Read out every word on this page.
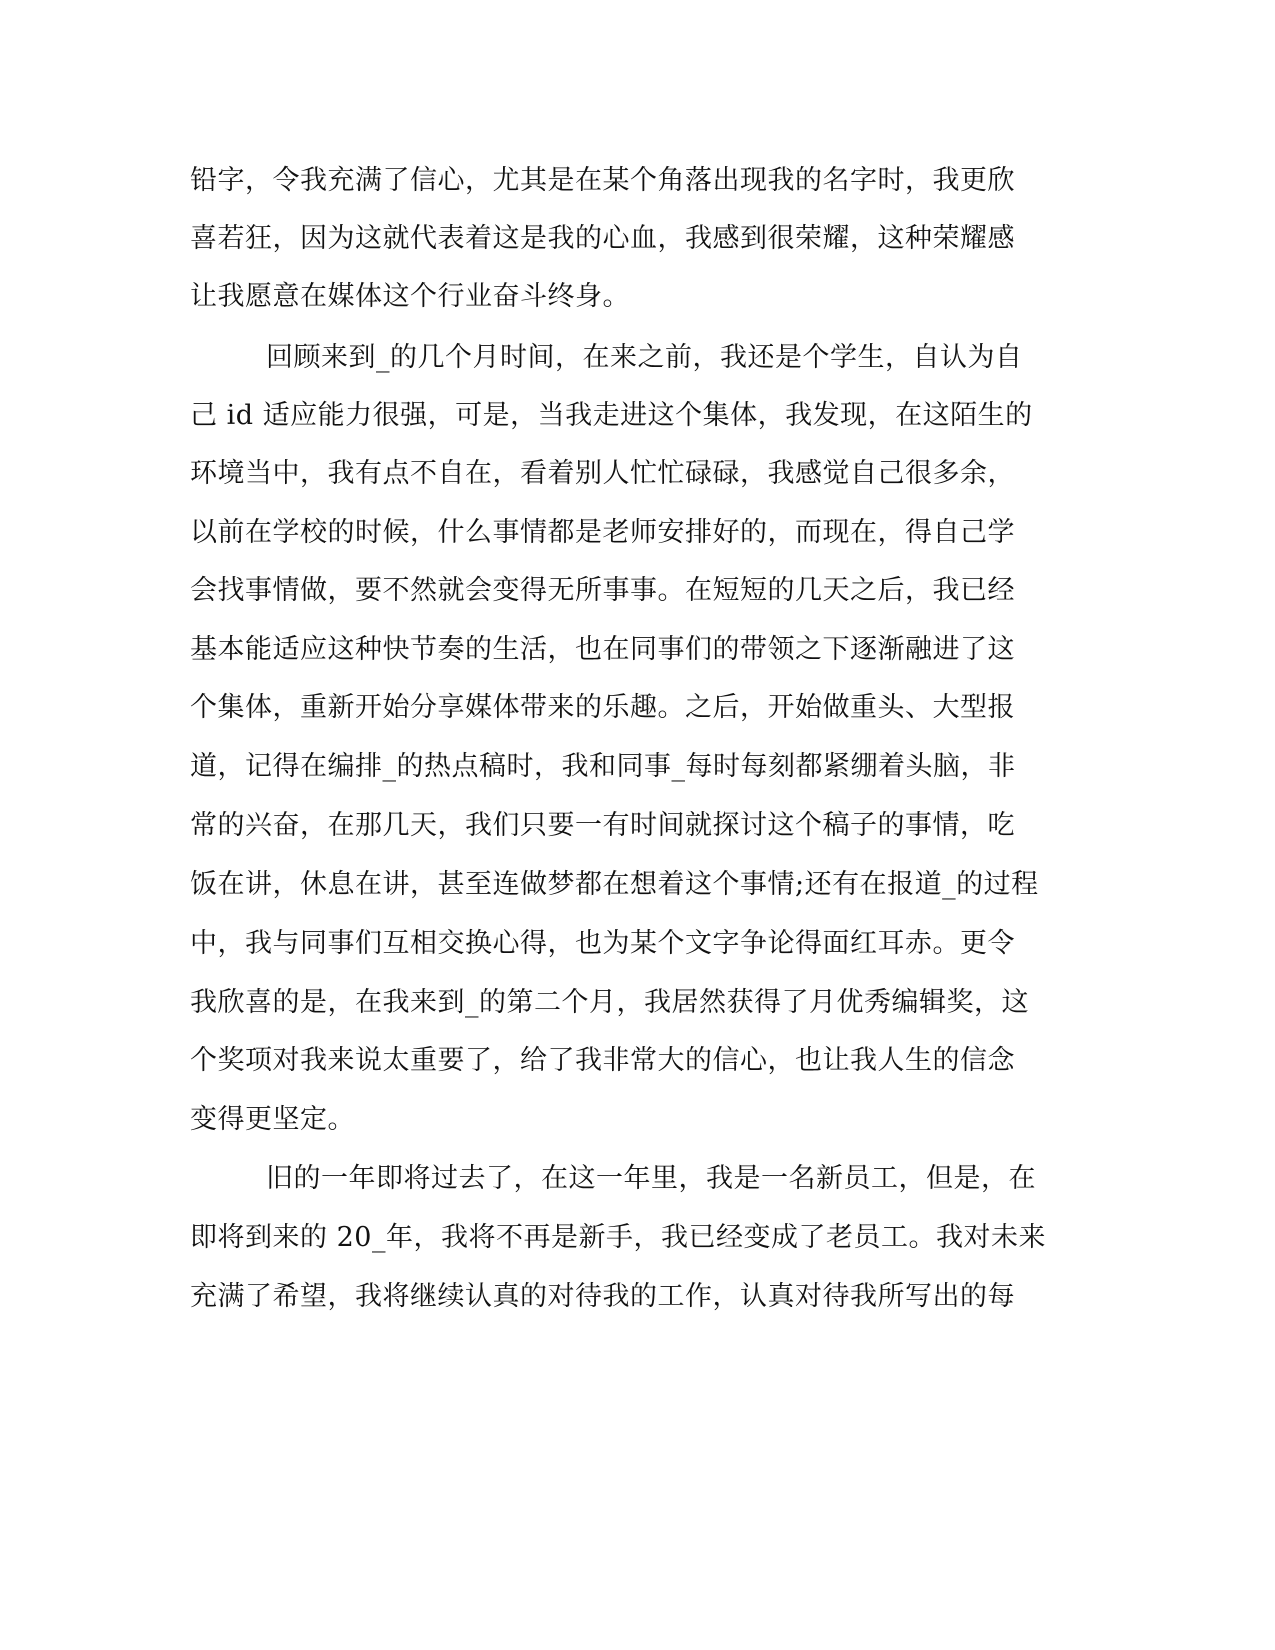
铅字，令我充满了信心，尤其是在某个角落出现我的名字时，我更欣
喜若狂，因为这就代表着这是我的心血，我感到很荣耀，这种荣耀感
让我愿意在媒体这个行业奋斗终身。
回顾来到_的几个月时间，在来之前，我还是个学生，自认为自
己 id 适应能力很强，可是，当我走进这个集体，我发现，在这陌生的
环境当中，我有点不自在，看着别人忙忙碌碌，我感觉自己很多余，
以前在学校的时候，什么事情都是老师安排好的，而现在，得自己学
会找事情做，要不然就会变得无所事事。在短短的几天之后，我已经
基本能适应这种快节奏的生活，也在同事们的带领之下逐渐融进了这
个集体，重新开始分享媒体带来的乐趣。之后，开始做重头、大型报
道，记得在编排_的热点稿时，我和同事_每时每刻都紧绷着头脑，非
常的兴奋，在那几天，我们只要一有时间就探讨这个稿子的事情，吃
饭在讲，休息在讲，甚至连做梦都在想着这个事情;还有在报道_的过程
中，我与同事们互相交换心得，也为某个文字争论得面红耳赤。更令
我欣喜的是，在我来到_的第二个月，我居然获得了月优秀编辑奖，这
个奖项对我来说太重要了，给了我非常大的信心，也让我人生的信念
变得更坚定。
旧的一年即将过去了，在这一年里，我是一名新员工，但是，在
即将到来的 20_年，我将不再是新手，我已经变成了老员工。我对未来
充满了希望，我将继续认真的对待我的工作，认真对待我所写出的每
